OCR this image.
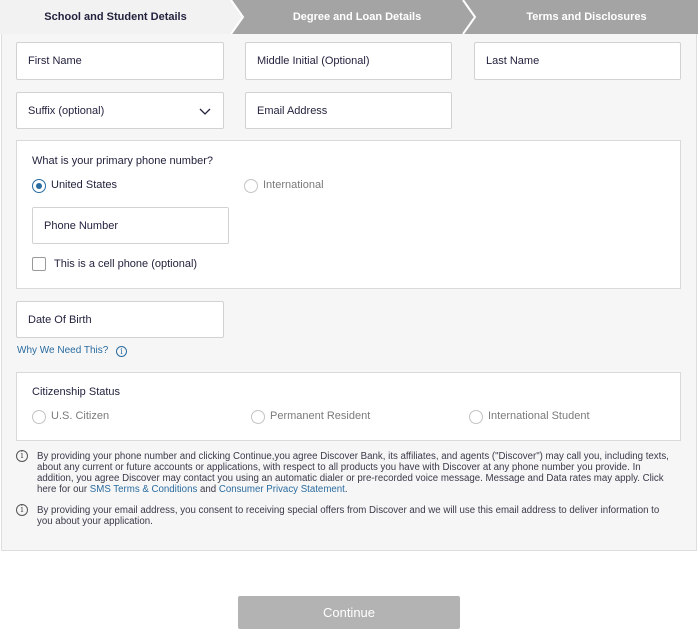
School and Student Details	Degree and Loan Details	Terms and Disclosures
First Name	Middle Initial (Optional)	Last Name
Suffix (optional)	Email Address
What is your primary phone number?
United States	International
Phone Number
This is a cell phone (optional)
Date Of Birth
Why We Need This?	i
Citizenship Status
U.S. Citizen	Permanent Resident	International Student
i	By providing your phone number and clicking Continue,you agree Discover Bank, its affiliates, and agents ("Discover") may call you, including texts, about any current or future accounts or applications, with respect to all products you have with Discover at any phone number you provide. In addition, you agree Discover may contact you using an automatic dialer or pre-recorded voice message. Message and Data rates may apply. Click here for our SMS Terms & Conditions and Consumer Privacy Statement.
i	By providing your email address, you consent to receiving special offers from Discover and we will use this email address to deliver information to you about your application.
Continue
